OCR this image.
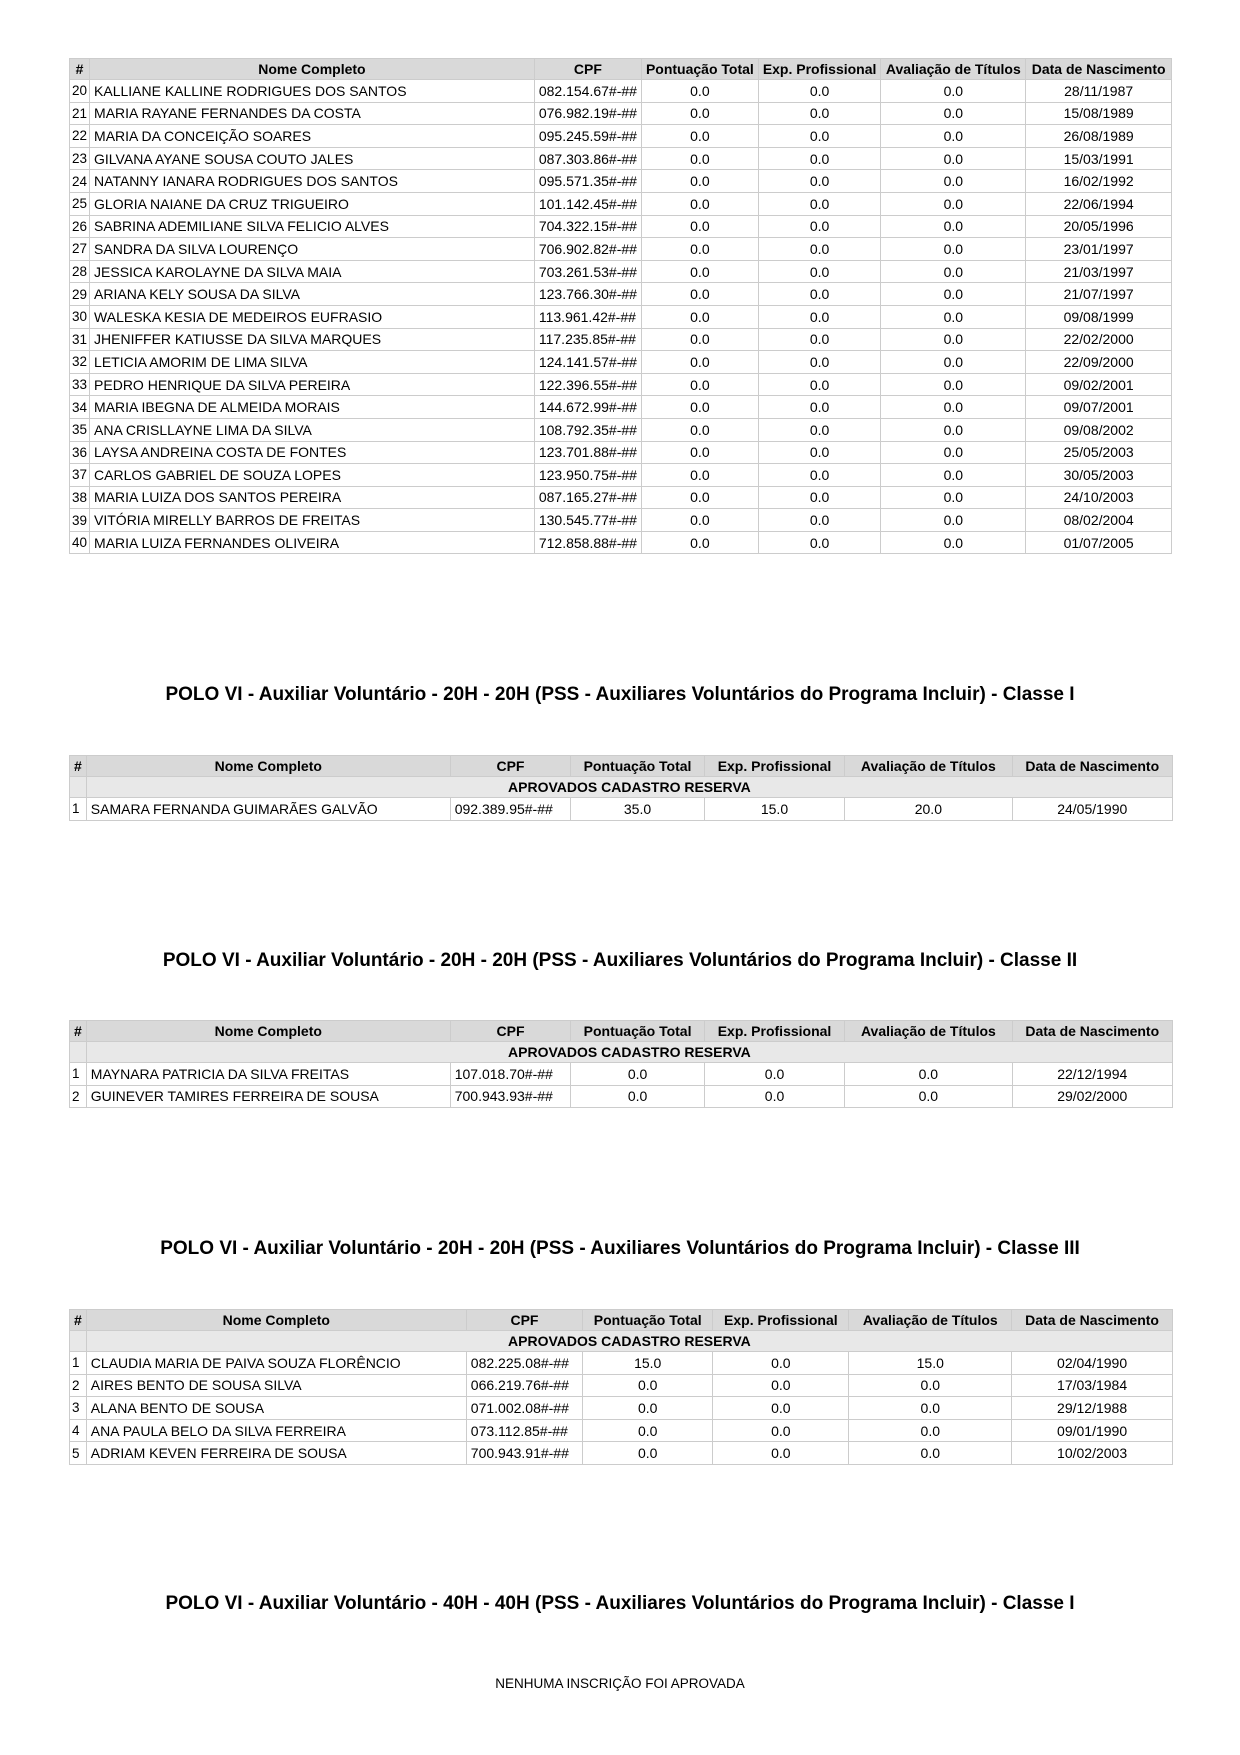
#	Nome Completo	CPF	Pontuação Total	Exp. Profissional	Avaliação de Títulos	Data de Nascimento
20	KALLIANE KALLINE RODRIGUES DOS SANTOS	082.154.67#-##	0.0	0.0	0.0	28/11/1987
21	MARIA RAYANE FERNANDES DA COSTA	076.982.19#-##	0.0	0.0	0.0	15/08/1989
22	MARIA DA CONCEIÇÃO SOARES	095.245.59#-##	0.0	0.0	0.0	26/08/1989
23	GILVANA AYANE SOUSA COUTO JALES	087.303.86#-##	0.0	0.0	0.0	15/03/1991
24	NATANNY IANARA RODRIGUES DOS SANTOS	095.571.35#-##	0.0	0.0	0.0	16/02/1992
25	GLORIA NAIANE DA CRUZ TRIGUEIRO	101.142.45#-##	0.0	0.0	0.0	22/06/1994
26	SABRINA ADEMILIANE SILVA FELICIO ALVES	704.322.15#-##	0.0	0.0	0.0	20/05/1996
27	SANDRA DA SILVA LOURENÇO	706.902.82#-##	0.0	0.0	0.0	23/01/1997
28	JESSICA KAROLAYNE DA SILVA MAIA	703.261.53#-##	0.0	0.0	0.0	21/03/1997
29	ARIANA KELY SOUSA DA SILVA	123.766.30#-##	0.0	0.0	0.0	21/07/1997
30	WALESKA KESIA DE MEDEIROS EUFRASIO	113.961.42#-##	0.0	0.0	0.0	09/08/1999
31	JHENIFFER KATIUSSE DA SILVA MARQUES	117.235.85#-##	0.0	0.0	0.0	22/02/2000
32	LETICIA AMORIM DE LIMA SILVA	124.141.57#-##	0.0	0.0	0.0	22/09/2000
33	PEDRO HENRIQUE DA SILVA PEREIRA	122.396.55#-##	0.0	0.0	0.0	09/02/2001
34	MARIA IBEGNA DE ALMEIDA MORAIS	144.672.99#-##	0.0	0.0	0.0	09/07/2001
35	ANA CRISLLAYNE LIMA DA SILVA	108.792.35#-##	0.0	0.0	0.0	09/08/2002
36	LAYSA ANDREINA COSTA DE FONTES	123.701.88#-##	0.0	0.0	0.0	25/05/2003
37	CARLOS GABRIEL DE SOUZA LOPES	123.950.75#-##	0.0	0.0	0.0	30/05/2003
38	MARIA LUIZA DOS SANTOS PEREIRA	087.165.27#-##	0.0	0.0	0.0	24/10/2003
39	VITÓRIA MIRELLY BARROS DE FREITAS	130.545.77#-##	0.0	0.0	0.0	08/02/2004
40	MARIA LUIZA FERNANDES OLIVEIRA	712.858.88#-##	0.0	0.0	0.0	01/07/2005
POLO VI - Auxiliar Voluntário - 20H - 20H (PSS - Auxiliares Voluntários do Programa Incluir) - Classe I
#	Nome Completo	CPF	Pontuação Total	Exp. Profissional	Avaliação de Títulos	Data de Nascimento
	APROVADOS CADASTRO RESERVA					
1	SAMARA FERNANDA GUIMARÃES GALVÃO	092.389.95#-##	35.0	15.0	20.0	24/05/1990
POLO VI - Auxiliar Voluntário - 20H - 20H (PSS - Auxiliares Voluntários do Programa Incluir) - Classe II
#	Nome Completo	CPF	Pontuação Total	Exp. Profissional	Avaliação de Títulos	Data de Nascimento
	APROVADOS CADASTRO RESERVA					
1	MAYNARA PATRICIA DA SILVA FREITAS	107.018.70#-##	0.0	0.0	0.0	22/12/1994
2	GUINEVER TAMIRES FERREIRA DE SOUSA	700.943.93#-##	0.0	0.0	0.0	29/02/2000
POLO VI - Auxiliar Voluntário - 20H - 20H (PSS - Auxiliares Voluntários do Programa Incluir) - Classe III
#	Nome Completo	CPF	Pontuação Total	Exp. Profissional	Avaliação de Títulos	Data de Nascimento
	APROVADOS CADASTRO RESERVA					
1	CLAUDIA MARIA DE PAIVA SOUZA FLORÊNCIO	082.225.08#-##	15.0	0.0	15.0	02/04/1990
2	AIRES BENTO DE SOUSA SILVA	066.219.76#-##	0.0	0.0	0.0	17/03/1984
3	ALANA BENTO DE SOUSA	071.002.08#-##	0.0	0.0	0.0	29/12/1988
4	ANA PAULA BELO DA SILVA FERREIRA	073.112.85#-##	0.0	0.0	0.0	09/01/1990
5	ADRIAM KEVEN FERREIRA DE SOUSA	700.943.91#-##	0.0	0.0	0.0	10/02/2003
POLO VI - Auxiliar Voluntário - 40H - 40H (PSS - Auxiliares Voluntários do Programa Incluir) - Classe I
NENHUMA INSCRIÇÃO FOI APROVADA
